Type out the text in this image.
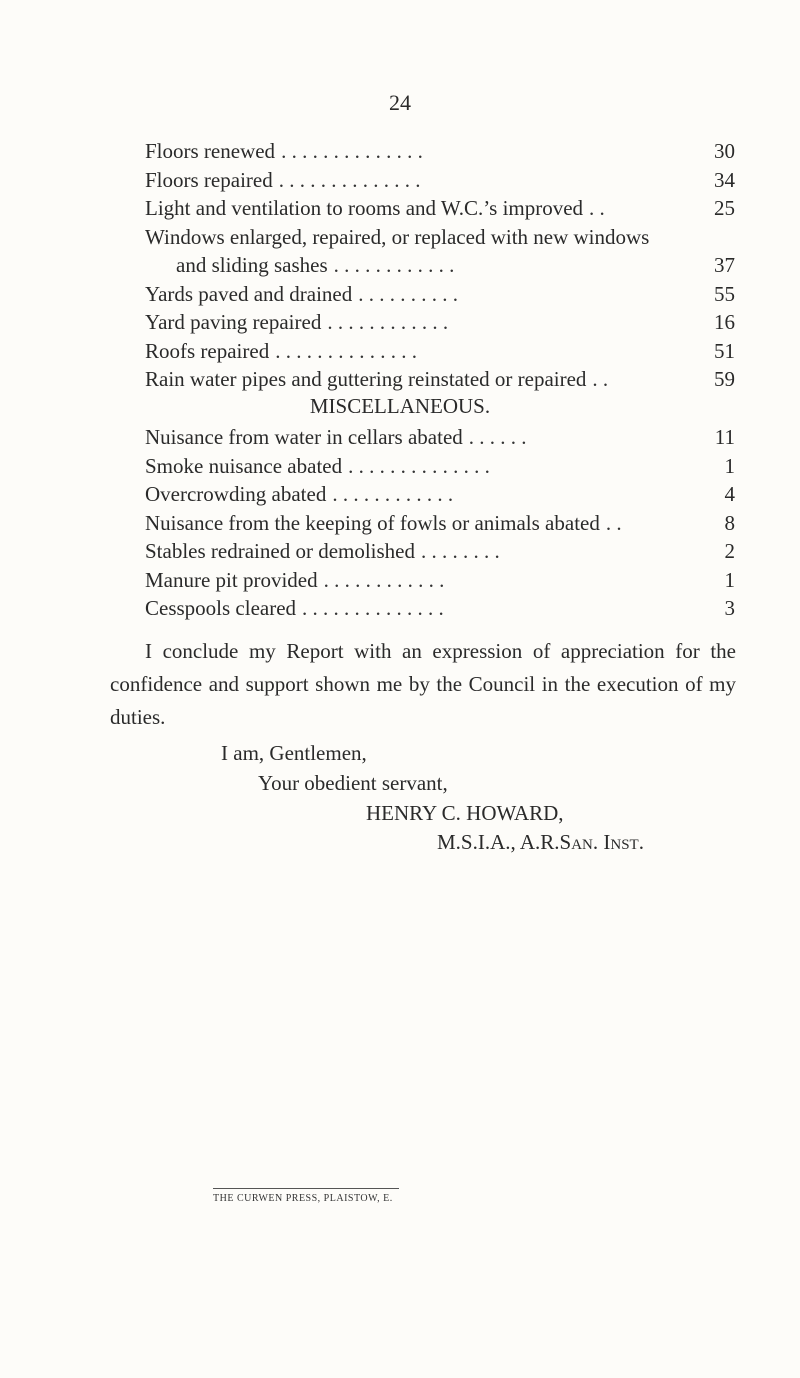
24
Floors renewed . . . . . . . . . . . . . .	30
Floors repaired . . . . . . . . . . . . . .	34
Light and ventilation to rooms and W.C.’s improved . .	25
Windows enlarged, repaired, or replaced with new windows
and sliding sashes . . . . . . . . . . . .	37
Yards paved and drained . . . . . . . . . .	55
Yard paving repaired . . . . . . . . . . . .	16
Roofs repaired . . . . . . . . . . . . . .	51
Rain water pipes and guttering reinstated or repaired . .	59
MISCELLANEOUS.
Nuisance from water in cellars abated . . . . . .	11
Smoke nuisance abated . . . . . . . . . . . . . .	1
Overcrowding abated . . . . . . . . . . . .	4
Nuisance from the keeping of fowls or animals abated . .	8
Stables redrained or demolished . . . . . . . .	2
Manure pit provided . . . . . . . . . . . .	1
Cesspools cleared . . . . . . . . . . . . . .	3
I conclude my Report with an expression of appreciation for the confidence and support shown me by the Council in the execution of my duties.
I am, Gentlemen,
Your obedient servant,
HENRY C. HOWARD,
M.S.I.A., A.R.San. Inst.
THE CURWEN PRESS, PLAISTOW, E.
